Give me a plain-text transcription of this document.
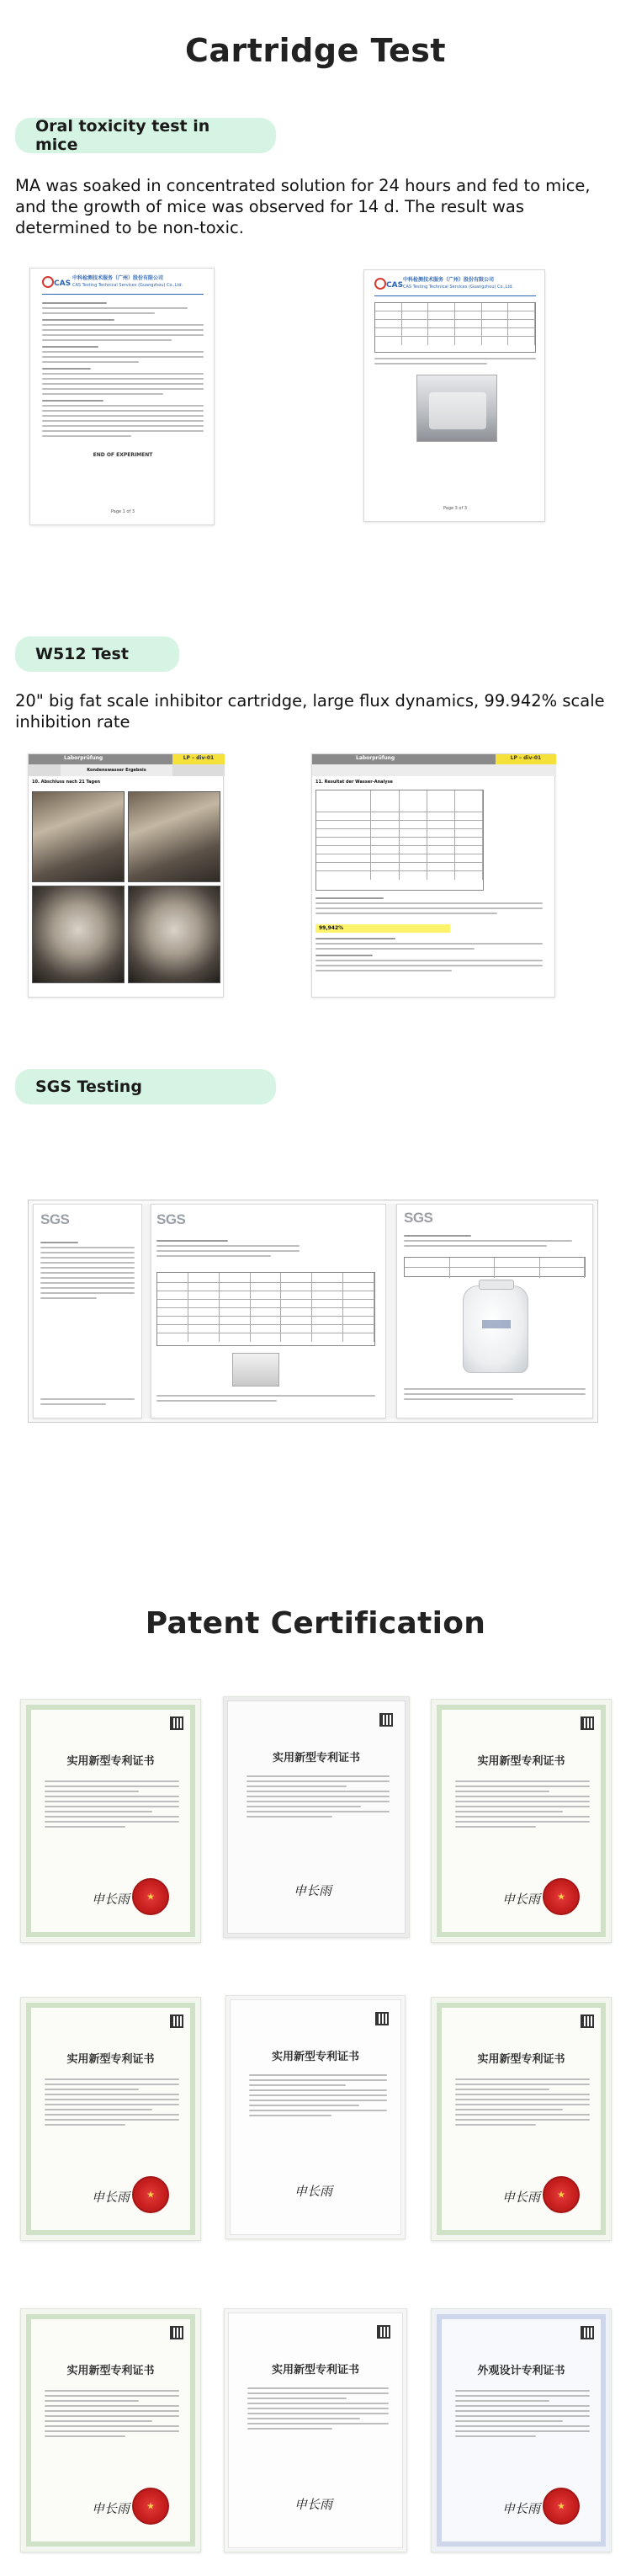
Cartridge Test
Oral toxicity test in mice
MA was soaked in concentrated solution for 24 hours and fed to mice, and the growth of mice was observed for 14 d. The result was determined to be non-toxic.
CAS
中科检测技术服务（广州）股份有限公司
CAS Testing Technical Services (Guangzhou) Co.,Ltd.
END OF EXPERIMENT
Page 1 of 3
CAS
中科检测技术服务（广州）股份有限公司
CAS Testing Technical Services (Guangzhou) Co.,Ltd.
Page 3 of 3
W512 Test
20" big fat scale inhibitor cartridge, large flux dynamics, 99.942% scale inhibition rate
Laborprüfung	LP – div-01
Kondenswasser Ergebnis
10. Abschluss nach 21 Tagen
Laborprüfung	LP – div-01
11. Resultat der Wasser-Analyse
99,942%
SGS Testing
SGS	SGS	SGS
Patent Certification
实用新型专利证书
申长雨 ★
实用新型专利证书
申长雨
实用新型专利证书
申长雨 ★
实用新型专利证书
申长雨 ★
实用新型专利证书
申长雨
实用新型专利证书
申长雨 ★
实用新型专利证书
申长雨 ★
实用新型专利证书
申长雨
外观设计专利证书
申长雨 ★
